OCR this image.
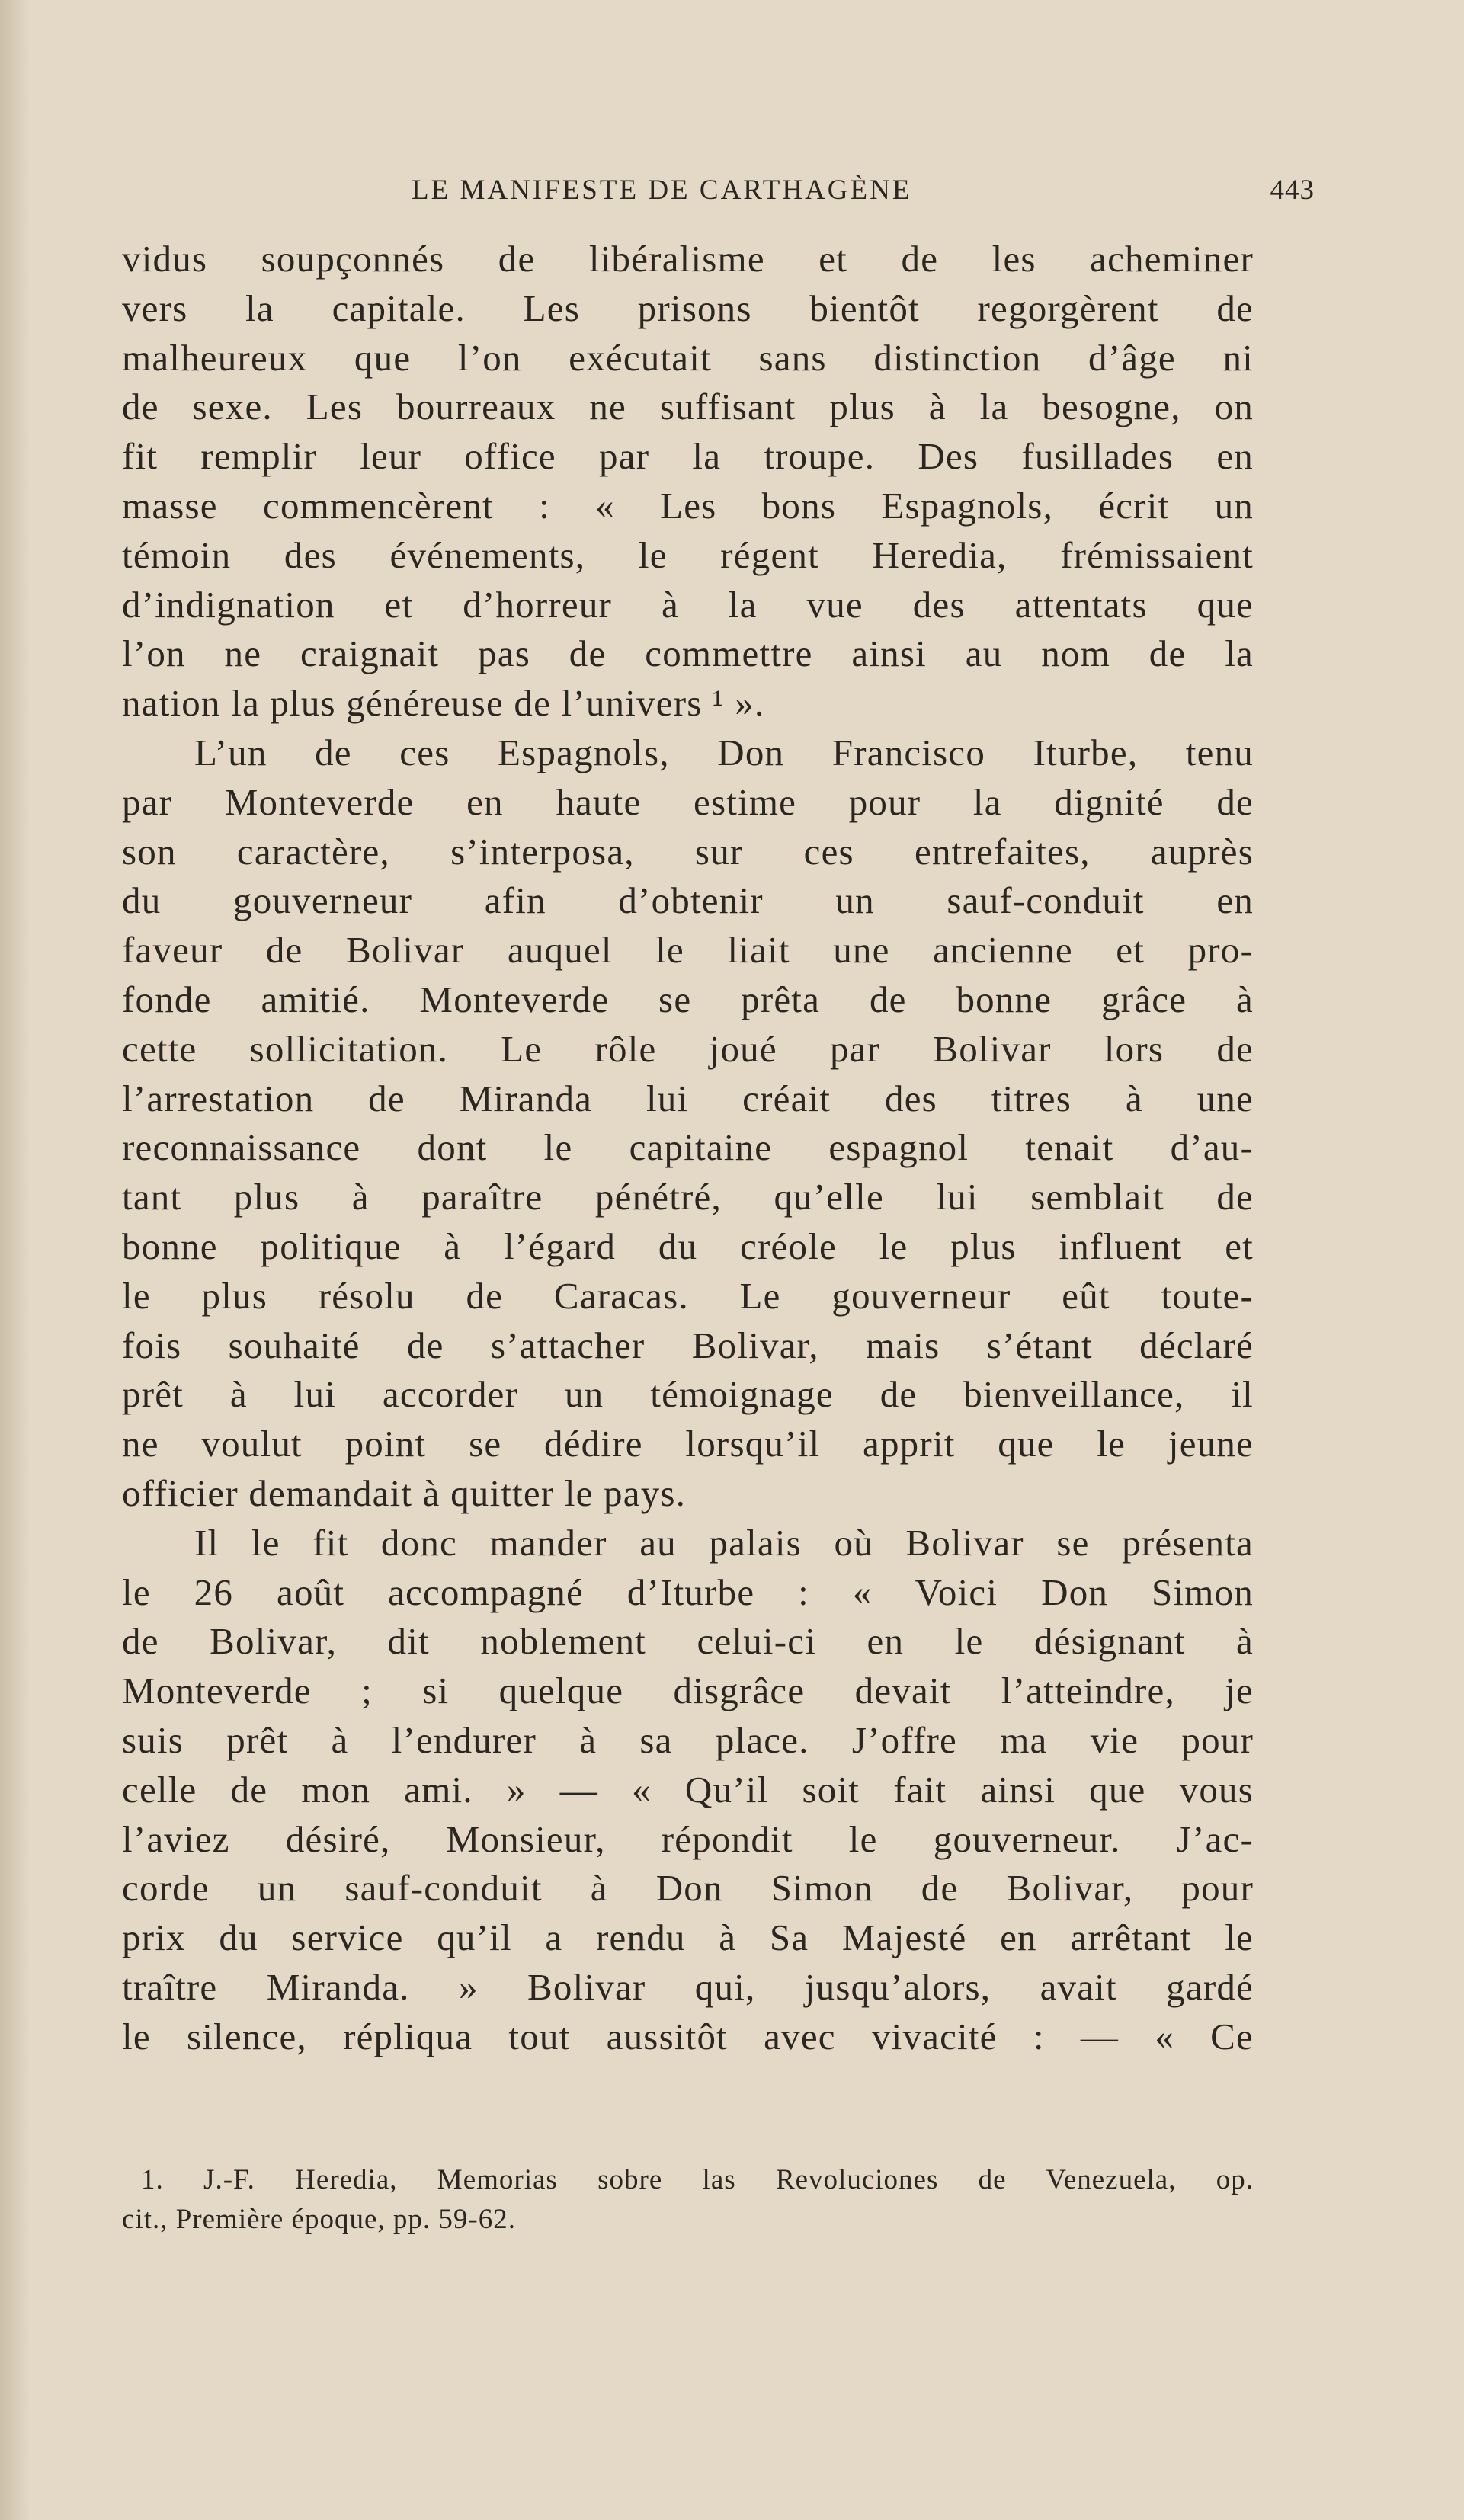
LE MANIFESTE DE CARTHAGÈNE	443
vidus soupçonnés de libéralisme et de les acheminer
vers la capitale. Les prisons bientôt regorgèrent de
malheureux que l’on exécutait sans distinction d’âge ni
de sexe. Les bourreaux ne suffisant plus à la besogne, on
fit remplir leur office par la troupe. Des fusillades en
masse commencèrent : « Les bons Espagnols, écrit un
témoin des événements, le régent Heredia, frémissaient
d’indignation et d’horreur à la vue des attentats que
l’on ne craignait pas de commettre ainsi au nom de la
nation la plus généreuse de l’univers ¹ ».
L’un de ces Espagnols, Don Francisco Iturbe, tenu
par Monteverde en haute estime pour la dignité de
son caractère, s’interposa, sur ces entrefaites, auprès
du gouverneur afin d’obtenir un sauf-conduit en
faveur de Bolivar auquel le liait une ancienne et pro-
fonde amitié. Monteverde se prêta de bonne grâce à
cette sollicitation. Le rôle joué par Bolivar lors de
l’arrestation de Miranda lui créait des titres à une
reconnaissance dont le capitaine espagnol tenait d’au-
tant plus à paraître pénétré, qu’elle lui semblait de
bonne politique à l’égard du créole le plus influent et
le plus résolu de Caracas. Le gouverneur eût toute-
fois souhaité de s’attacher Bolivar, mais s’étant déclaré
prêt à lui accorder un témoignage de bienveillance, il
ne voulut point se dédire lorsqu’il apprit que le jeune
officier demandait à quitter le pays.
Il le fit donc mander au palais où Bolivar se présenta
le 26 août accompagné d’Iturbe : « Voici Don Simon
de Bolivar, dit noblement celui-ci en le désignant à
Monteverde ; si quelque disgrâce devait l’atteindre, je
suis prêt à l’endurer à sa place. J’offre ma vie pour
celle de mon ami. » — « Qu’il soit fait ainsi que vous
l’aviez désiré, Monsieur, répondit le gouverneur. J’ac-
corde un sauf-conduit à Don Simon de Bolivar, pour
prix du service qu’il a rendu à Sa Majesté en arrêtant le
traître Miranda. » Bolivar qui, jusqu’alors, avait gardé
le silence, répliqua tout aussitôt avec vivacité : — « Ce
1. J.-F. Heredia, Memorias sobre las Revoluciones de Venezuela, op.
cit., Première époque, pp. 59-62.
